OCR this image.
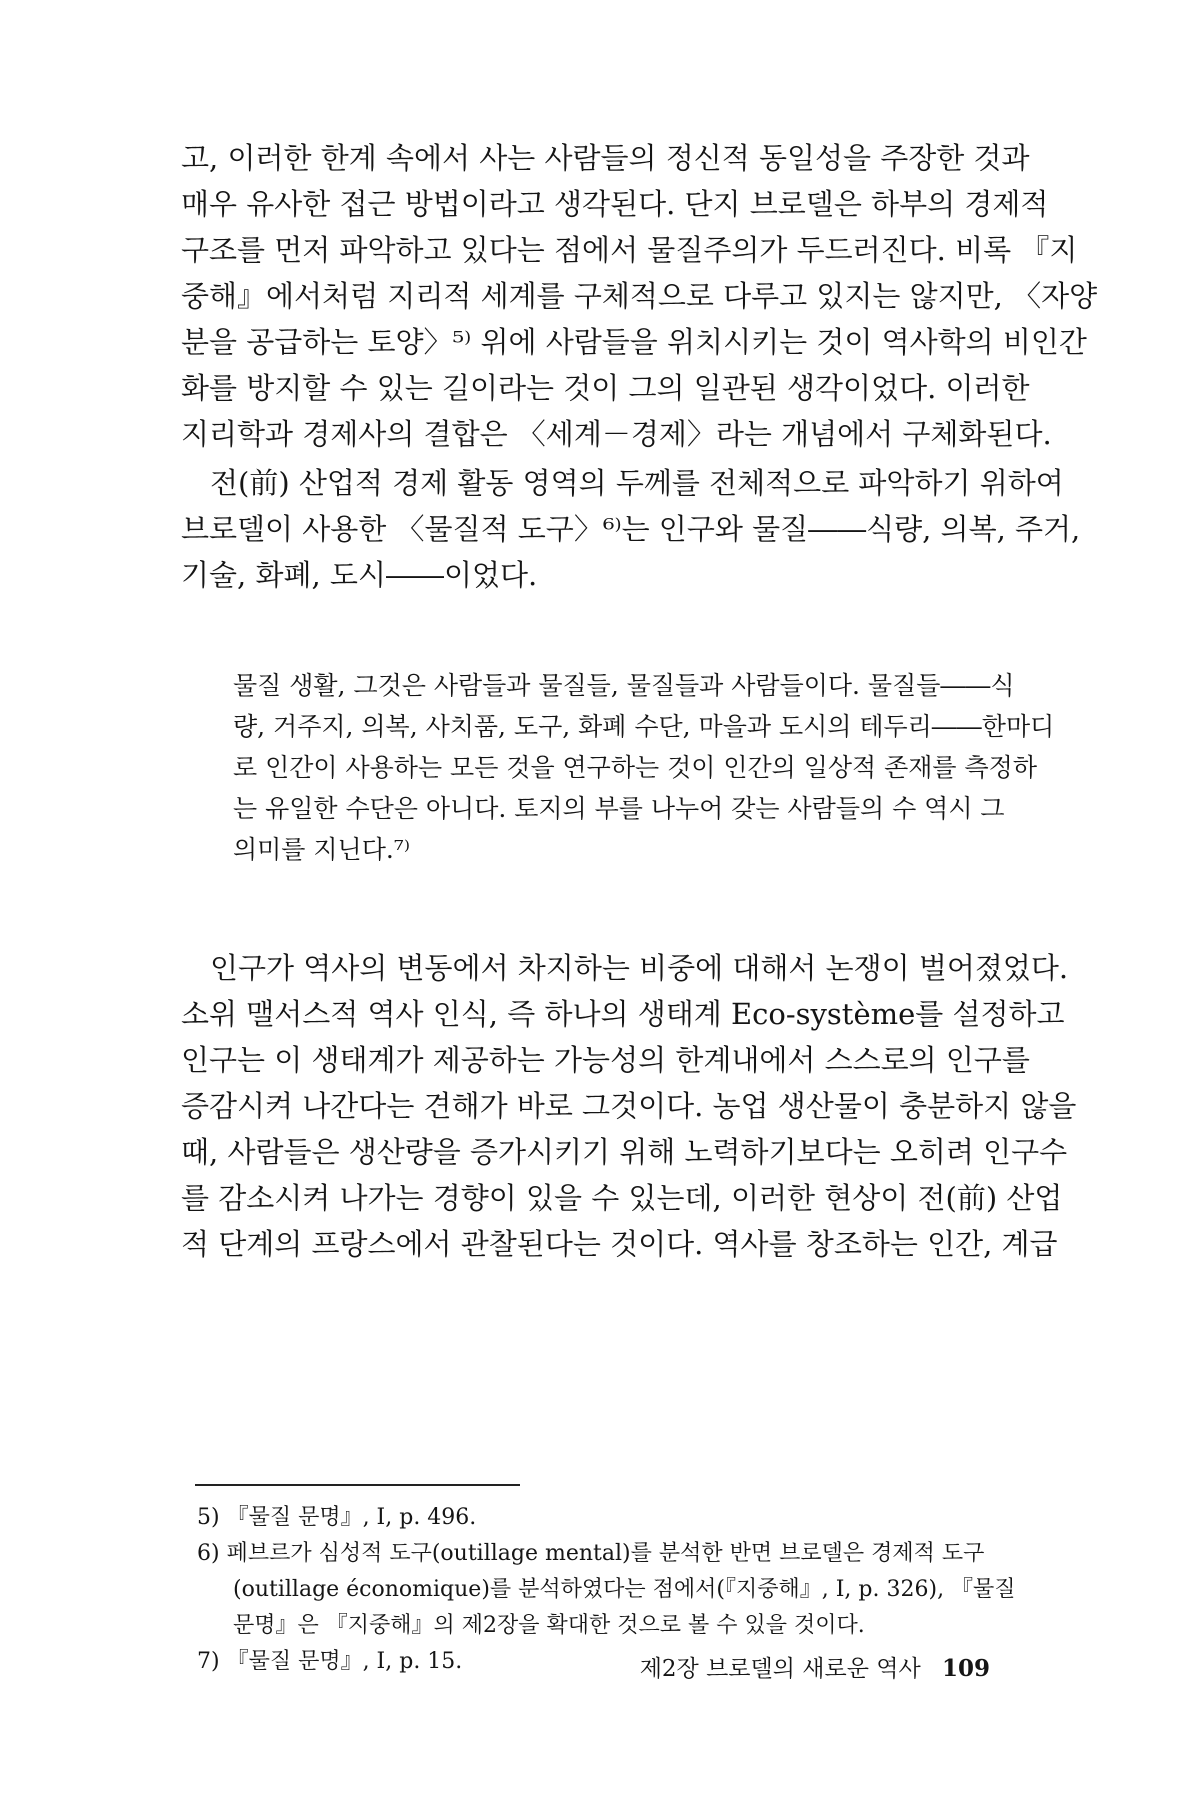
고, 이러한 한계 속에서 사는 사람들의 정신적 동일성을 주장한 것과

매우 유사한 접근 방법이라고 생각된다. 단지 브로델은 하부의 경제적

구조를 먼저 파악하고 있다는 점에서 물질주의가 두드러진다. 비록 『지

중해』에서처럼 지리적 세계를 구체적으로 다루고 있지는 않지만, 〈자양

분을 공급하는 토양〉⁵⁾ 위에 사람들을 위치시키는 것이 역사학의 비인간

화를 방지할 수 있는 길이라는 것이 그의 일관된 생각이었다. 이러한

지리학과 경제사의 결합은 〈세계－경제〉라는 개념에서 구체화된다.

　전(前) 산업적 경제 활동 영역의 두께를 전체적으로 파악하기 위하여

브로델이 사용한 〈물질적 도구〉⁶⁾는 인구와 물질――식량, 의복, 주거,

기술, 화폐, 도시――이었다.

물질 생활, 그것은 사람들과 물질들, 물질들과 사람들이다. 물질들――식

량, 거주지, 의복, 사치품, 도구, 화폐 수단, 마을과 도시의 테두리――한마디

로 인간이 사용하는 모든 것을 연구하는 것이 인간의 일상적 존재를 측정하

는 유일한 수단은 아니다. 토지의 부를 나누어 갖는 사람들의 수 역시 그

의미를 지닌다.⁷⁾

　인구가 역사의 변동에서 차지하는 비중에 대해서 논쟁이 벌어졌었다.

소위 맬서스적 역사 인식, 즉 하나의 생태계 Eco-système를 설정하고

인구는 이 생태계가 제공하는 가능성의 한계내에서 스스로의 인구를

증감시켜 나간다는 견해가 바로 그것이다. 농업 생산물이 충분하지 않을

때, 사람들은 생산량을 증가시키기 위해 노력하기보다는 오히려 인구수

를 감소시켜 나가는 경향이 있을 수 있는데, 이러한 현상이 전(前) 산업

적 단계의 프랑스에서 관찰된다는 것이다. 역사를 창조하는 인간, 계급

5) 『물질 문명』, Ⅰ, p. 496.

6) 페브르가 심성적 도구(outillage mental)를 분석한 반면 브로델은 경제적 도구

(outillage économique)를 분석하였다는 점에서(『지중해』, Ⅰ, p. 326), 『물질

문명』은 『지중해』의 제2장을 확대한 것으로 볼 수 있을 것이다.

7) 『물질 문명』, Ⅰ, p. 15.	제2장 브로델의 새로운 역사 109
